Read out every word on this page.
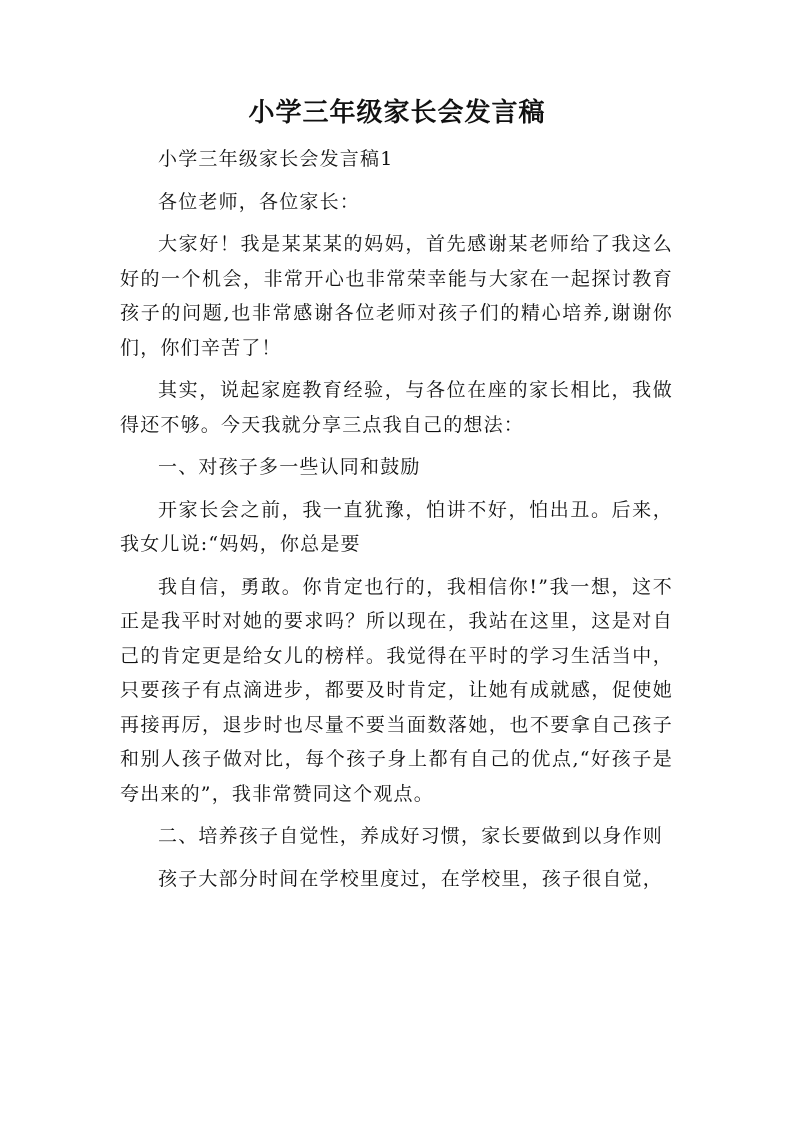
小学三年级家长会发言稿

小学三年级家长会发言稿1

各位老师，各位家长：

大家好！我是某某某的妈妈，首先感谢某老师给了我这么好的一个机会，非常开心也非常荣幸能与大家在一起探讨教育孩子的问题,也非常感谢各位老师对孩子们的精心培养,谢谢你们，你们辛苦了！

其实，说起家庭教育经验，与各位在座的家长相比，我做得还不够。今天我就分享三点我自己的想法：

一、对孩子多一些认同和鼓励

开家长会之前，我一直犹豫，怕讲不好，怕出丑。后来，我女儿说:“妈妈，你总是要

我自信，勇敢。你肯定也行的，我相信你!”我一想，这不正是我平时对她的要求吗？所以现在，我站在这里，这是对自己的肯定更是给女儿的榜样。我觉得在平时的学习生活当中，只要孩子有点滴进步，都要及时肯定，让她有成就感，促使她再接再厉，退步时也尽量不要当面数落她，也不要拿自己孩子和别人孩子做对比，每个孩子身上都有自己的优点,“好孩子是夸出来的”，我非常赞同这个观点。

二、培养孩子自觉性，养成好习惯，家长要做到以身作则

孩子大部分时间在学校里度过，在学校里，孩子很自觉，
